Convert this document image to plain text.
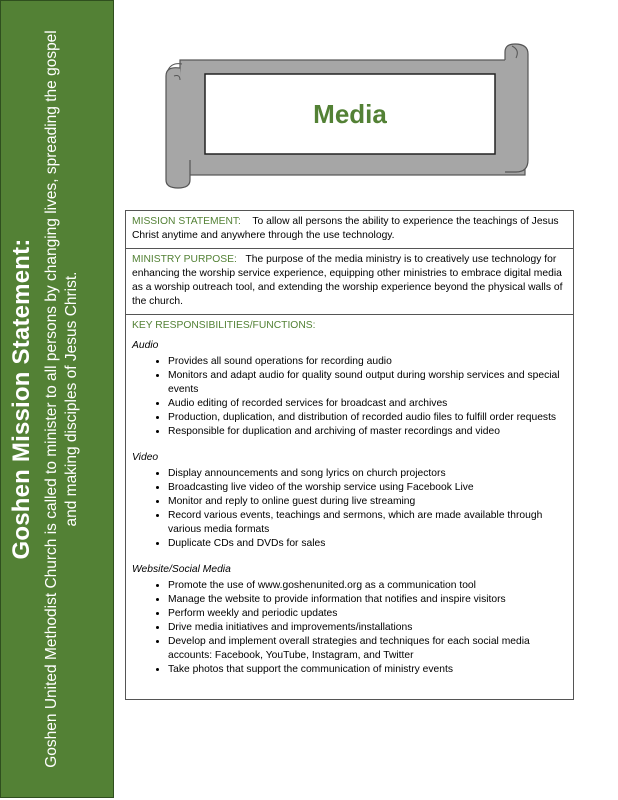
Goshen Mission Statement: Goshen United Methodist Church is called to minister to all persons by changing lives, spreading the gospel and making disciples of Jesus Christ.
Media
MISSION STATEMENT: To allow all persons the ability to experience the teachings of Jesus Christ anytime and anywhere through the use technology.
MINISTRY PURPOSE: The purpose of the media ministry is to creatively use technology for enhancing the worship service experience, equipping other ministries to embrace digital media as a worship outreach tool, and extending the worship experience beyond the physical walls of the church.
KEY RESPONSIBILITIES/FUNCTIONS:
Audio
• Provides all sound operations for recording audio
• Monitors and adapt audio for quality sound output during worship services and special events
• Audio editing of recorded services for broadcast and archives
• Production, duplication, and distribution of recorded audio files to fulfill order requests
• Responsible for duplication and archiving of master recordings and video
Video
• Display announcements and song lyrics on church projectors
• Broadcasting live video of the worship service using Facebook Live
• Monitor and reply to online guest during live streaming
• Record various events, teachings and sermons, which are made available through various media formats
• Duplicate CDs and DVDs for sales
Website/Social Media
• Promote the use of www.goshenunited.org as a communication tool
• Manage the website to provide information that notifies and inspire visitors
• Perform weekly and periodic updates
• Drive media initiatives and improvements/installations
• Develop and implement overall strategies and techniques for each social media accounts: Facebook, YouTube, Instagram, and Twitter
• Take photos that support the communication of ministry events
